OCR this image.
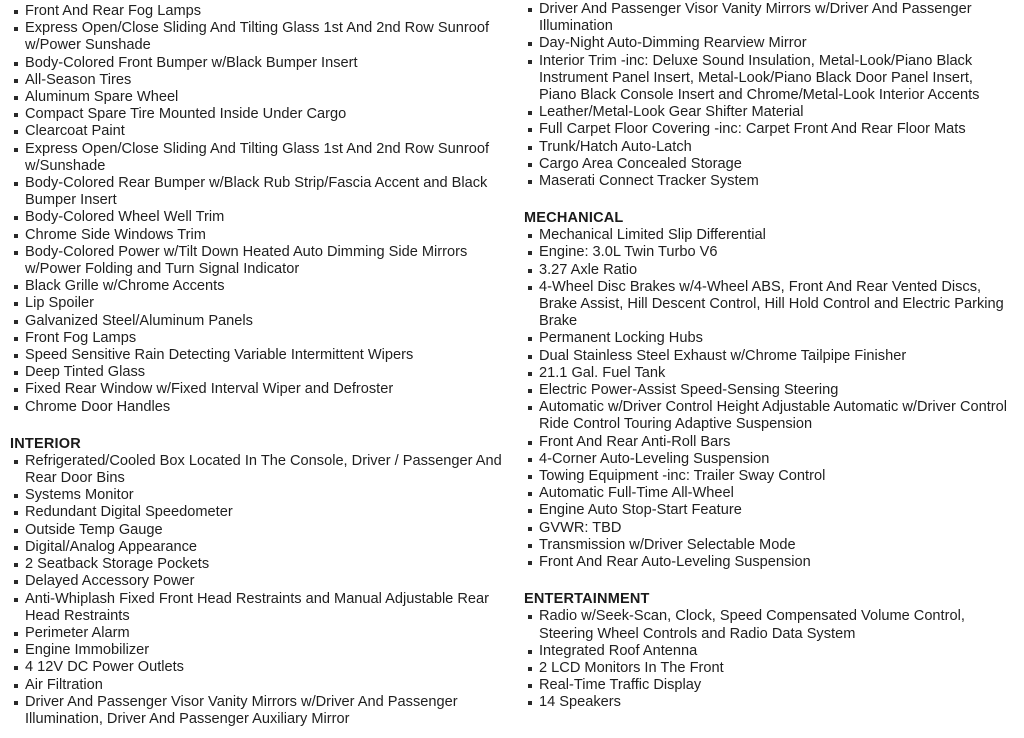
Front And Rear Fog Lamps
Express Open/Close Sliding And Tilting Glass 1st And 2nd Row Sunroof w/Power Sunshade
Body-Colored Front Bumper w/Black Bumper Insert
All-Season Tires
Aluminum Spare Wheel
Compact Spare Tire Mounted Inside Under Cargo
Clearcoat Paint
Express Open/Close Sliding And Tilting Glass 1st And 2nd Row Sunroof w/Sunshade
Body-Colored Rear Bumper w/Black Rub Strip/Fascia Accent and Black Bumper Insert
Body-Colored Wheel Well Trim
Chrome Side Windows Trim
Body-Colored Power w/Tilt Down Heated Auto Dimming Side Mirrors w/Power Folding and Turn Signal Indicator
Black Grille w/Chrome Accents
Lip Spoiler
Galvanized Steel/Aluminum Panels
Front Fog Lamps
Speed Sensitive Rain Detecting Variable Intermittent Wipers
Deep Tinted Glass
Fixed Rear Window w/Fixed Interval Wiper and Defroster
Chrome Door Handles
INTERIOR
Refrigerated/Cooled Box Located In The Console, Driver / Passenger And Rear Door Bins
Systems Monitor
Redundant Digital Speedometer
Outside Temp Gauge
Digital/Analog Appearance
2 Seatback Storage Pockets
Delayed Accessory Power
Anti-Whiplash Fixed Front Head Restraints and Manual Adjustable Rear Head Restraints
Perimeter Alarm
Engine Immobilizer
4 12V DC Power Outlets
Air Filtration
Driver And Passenger Visor Vanity Mirrors w/Driver And Passenger Illumination, Driver And Passenger Auxiliary Mirror
Driver And Passenger Visor Vanity Mirrors w/Driver And Passenger Illumination
Day-Night Auto-Dimming Rearview Mirror
Interior Trim -inc: Deluxe Sound Insulation, Metal-Look/Piano Black Instrument Panel Insert, Metal-Look/Piano Black Door Panel Insert, Piano Black Console Insert and Chrome/Metal-Look Interior Accents
Leather/Metal-Look Gear Shifter Material
Full Carpet Floor Covering -inc: Carpet Front And Rear Floor Mats
Trunk/Hatch Auto-Latch
Cargo Area Concealed Storage
Maserati Connect Tracker System
MECHANICAL
Mechanical Limited Slip Differential
Engine: 3.0L Twin Turbo V6
3.27 Axle Ratio
4-Wheel Disc Brakes w/4-Wheel ABS, Front And Rear Vented Discs, Brake Assist, Hill Descent Control, Hill Hold Control and Electric Parking Brake
Permanent Locking Hubs
Dual Stainless Steel Exhaust w/Chrome Tailpipe Finisher
21.1 Gal. Fuel Tank
Electric Power-Assist Speed-Sensing Steering
Automatic w/Driver Control Height Adjustable Automatic w/Driver Control Ride Control Touring Adaptive Suspension
Front And Rear Anti-Roll Bars
4-Corner Auto-Leveling Suspension
Towing Equipment -inc: Trailer Sway Control
Automatic Full-Time All-Wheel
Engine Auto Stop-Start Feature
GVWR: TBD
Transmission w/Driver Selectable Mode
Front And Rear Auto-Leveling Suspension
ENTERTAINMENT
Radio w/Seek-Scan, Clock, Speed Compensated Volume Control, Steering Wheel Controls and Radio Data System
Integrated Roof Antenna
2 LCD Monitors In The Front
Real-Time Traffic Display
14 Speakers
